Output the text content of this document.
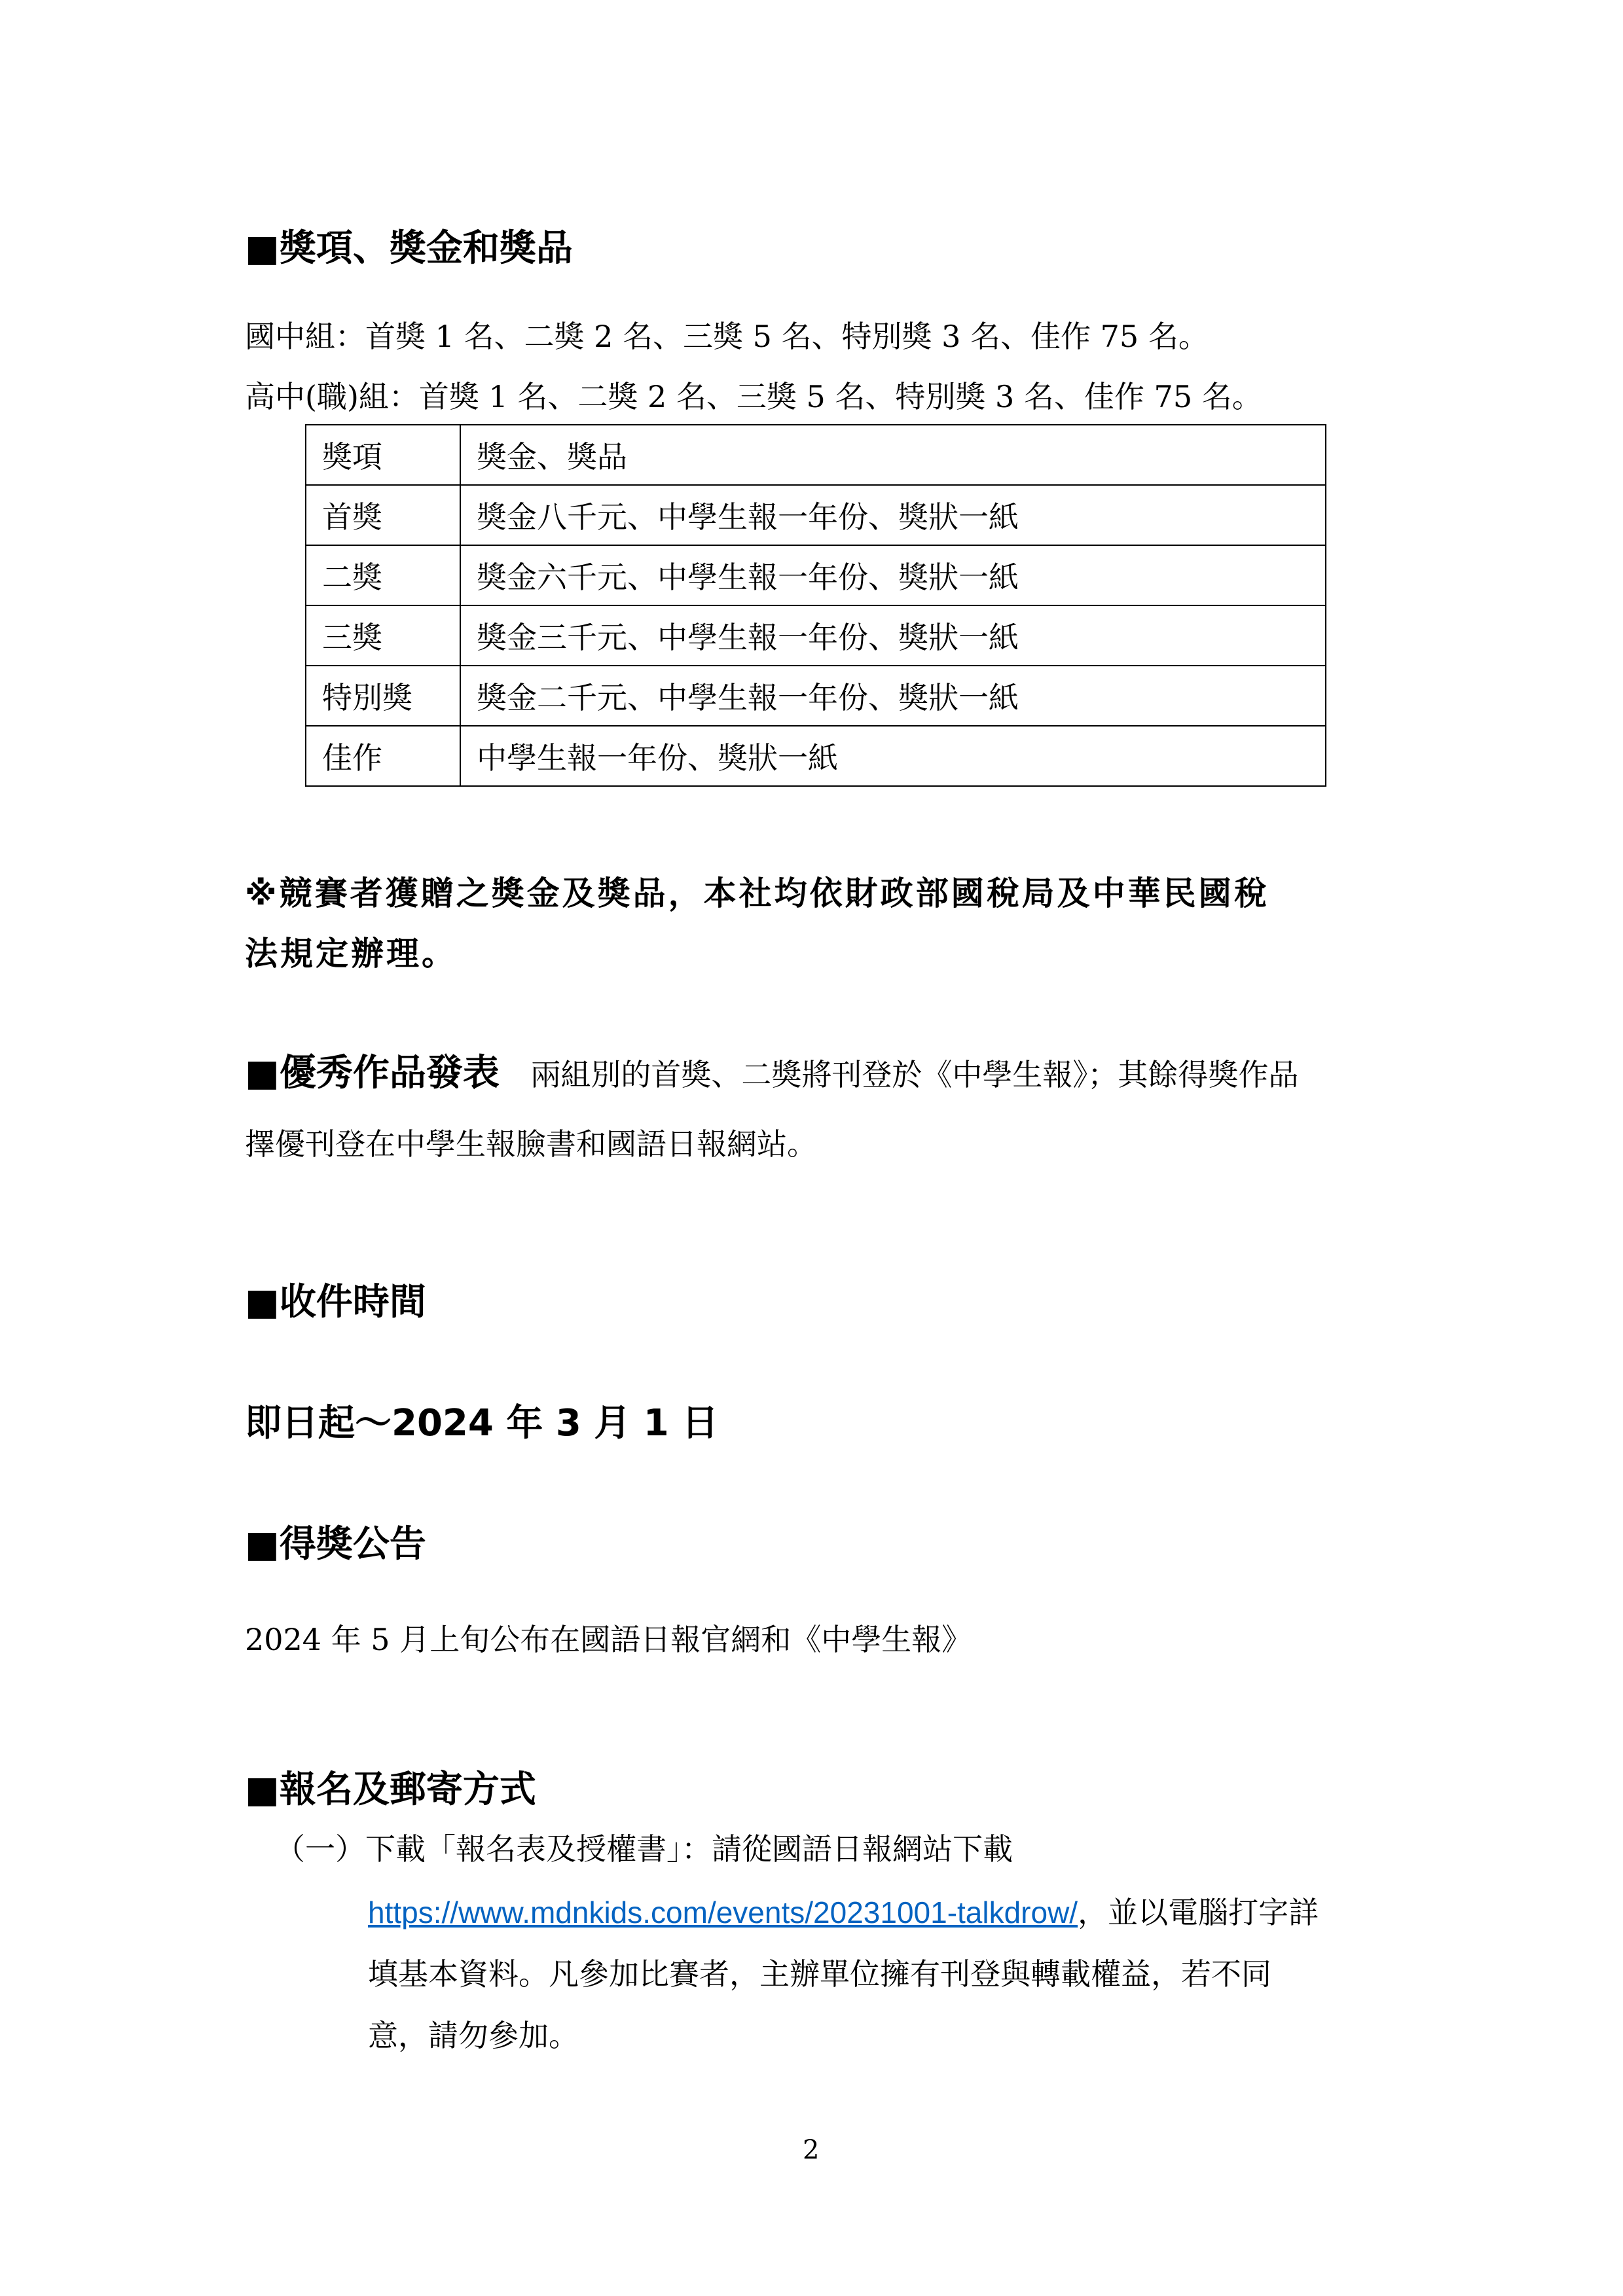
■獎項、獎金和獎品
國中組：首獎 1 名、二獎 2 名、三獎 5 名、特別獎 3 名、佳作 75 名。
高中(職)組：首獎 1 名、二獎 2 名、三獎 5 名、特別獎 3 名、佳作 75 名。
獎項	獎金、獎品
首獎	獎金八千元、中學生報一年份、獎狀一紙
二獎	獎金六千元、中學生報一年份、獎狀一紙
三獎	獎金三千元、中學生報一年份、獎狀一紙
特別獎	獎金二千元、中學生報一年份、獎狀一紙
佳作	中學生報一年份、獎狀一紙
※競賽者獲贈之獎金及獎品，本社均依財政部國稅局及中華民國稅
法規定辦理。
■優秀作品發表 兩組別的首獎、二獎將刊登於《中學生報》；其餘得獎作品
擇優刊登在中學生報臉書和國語日報網站。
■收件時間
即日起～2024 年 3 月 1 日
■得獎公告
2024 年 5 月上旬公布在國語日報官網和《中學生報》
■報名及郵寄方式
（一）下載「報名表及授權書」：請從國語日報網站下載
https://www.mdnkids.com/events/20231001-talkdrow/，並以電腦打字詳
填基本資料。凡參加比賽者，主辦單位擁有刊登與轉載權益，若不同
意，請勿參加。
2
